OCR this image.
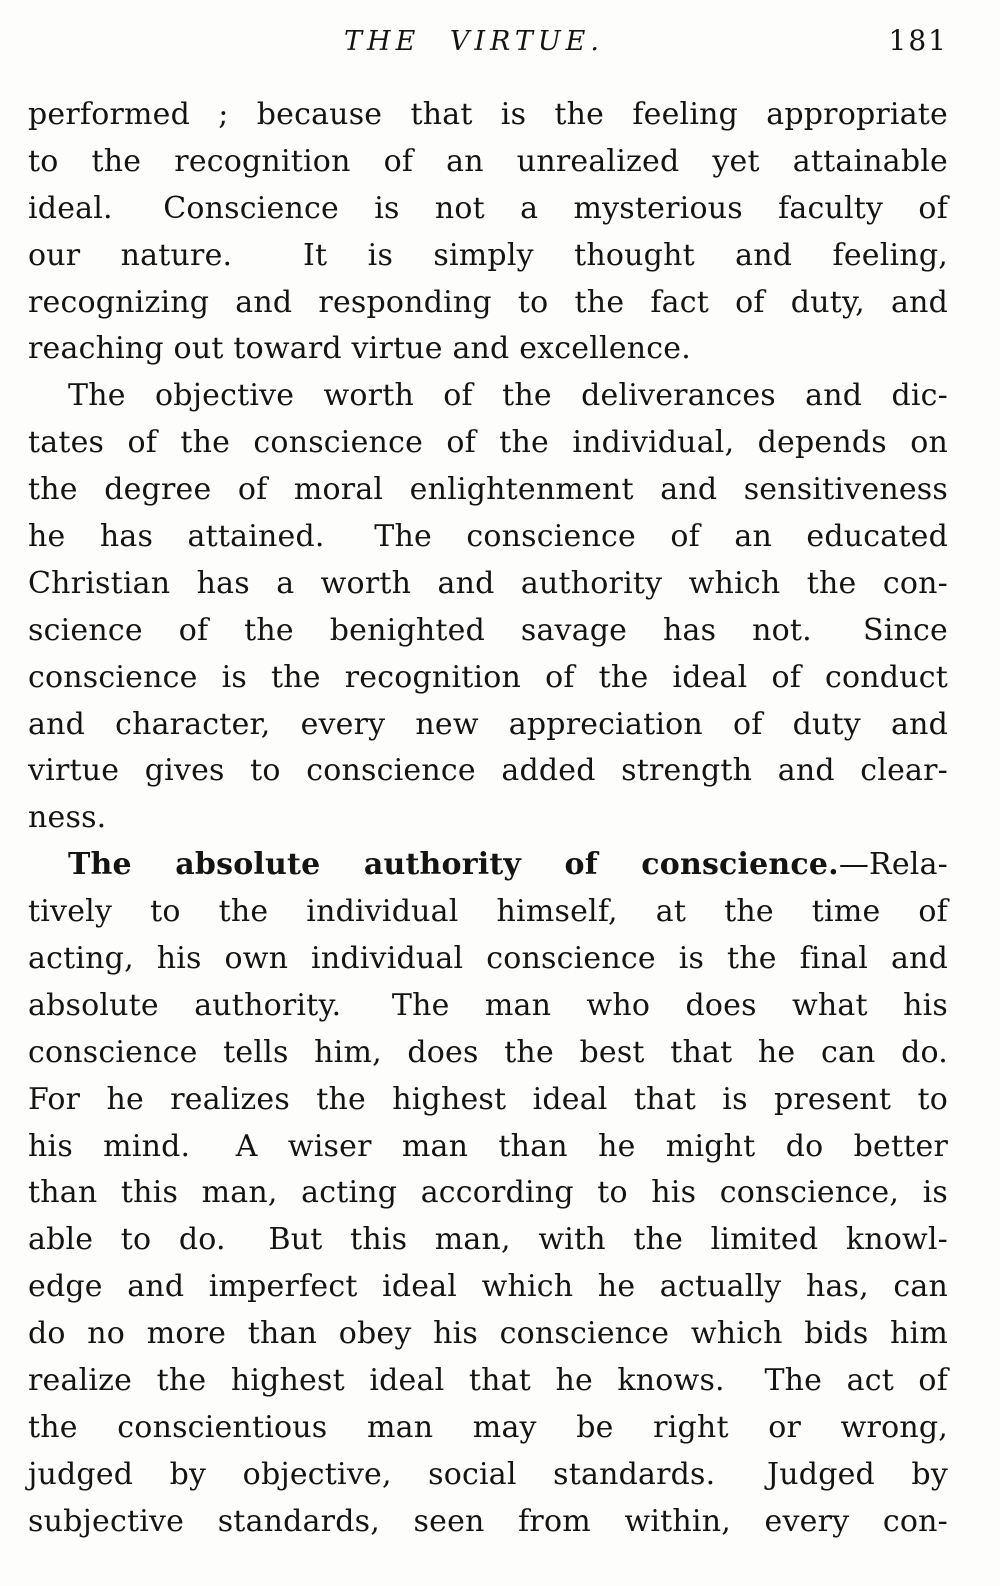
THE VIRTUE.	181
performed ; because that is the feeling appropriate
to the recognition of an unrealized yet attainable
ideal.  Conscience is not a mysterious faculty of
our nature.   It is simply thought and feeling,
recognizing and responding to the fact of duty, and
reaching out toward virtue and excellence.
The objective worth of the deliverances and dic-
tates of the conscience of the individual, depends on
the degree of moral enlightenment and sensitiveness
he has attained.  The conscience of an educated
Christian has a worth and authority which the con-
science of the benighted savage has not.  Since
conscience is the recognition of the ideal of conduct
and character, every new appreciation of duty and
virtue gives to conscience added strength and clear-
ness.
The absolute authority of conscience.—Rela-
tively to the individual himself, at the time of
acting, his own individual conscience is the final and
absolute authority.  The man who does what his
conscience tells him, does the best that he can do.
For he realizes the highest ideal that is present to
his mind.  A wiser man than he might do better
than this man, acting according to his conscience, is
able to do.  But this man, with the limited knowl-
edge and imperfect ideal which he actually has, can
do no more than obey his conscience which bids him
realize the highest ideal that he knows.  The act of
the conscientious man may be right or wrong,
judged by objective, social standards.  Judged by
subjective standards, seen from within, every con-
